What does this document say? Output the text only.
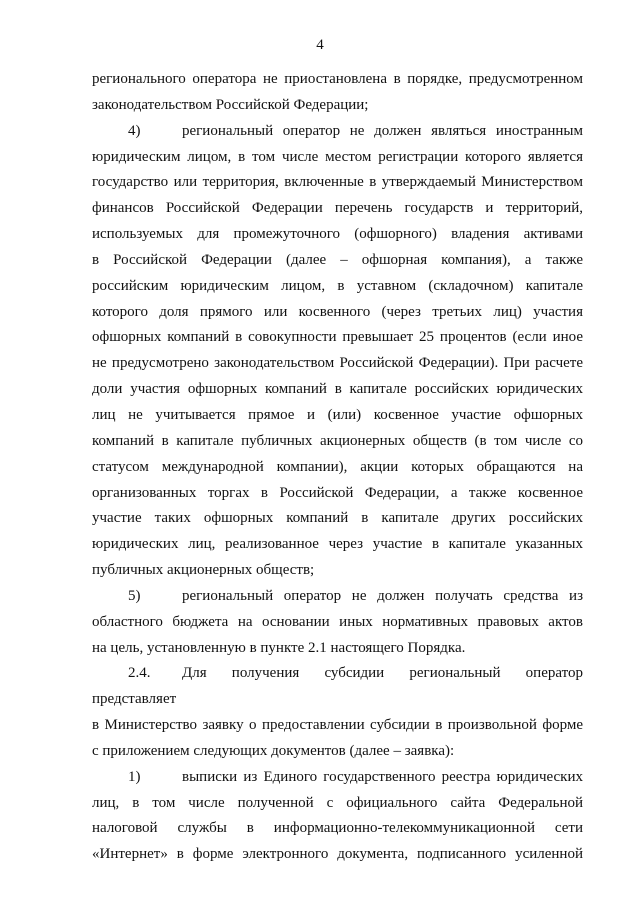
4
регионального оператора не приостановлена в порядке, предусмотренном
законодательством Российской Федерации;
4)	региональный оператор не должен являться иностранным
юридическим лицом, в том числе местом регистрации которого является
государство или территория, включенные в утверждаемый Министерством
финансов Российской Федерации перечень государств и территорий,
используемых для промежуточного (офшорного) владения активами
в Российской Федерации (далее – офшорная компания), а также
российским юридическим лицом, в уставном (складочном) капитале
которого доля прямого или косвенного (через третьих лиц) участия
офшорных компаний в совокупности превышает 25 процентов (если иное
не предусмотрено законодательством Российской Федерации). При расчете
доли участия офшорных компаний в капитале российских юридических
лиц не учитывается прямое и (или) косвенное участие офшорных
компаний в капитале публичных акционерных обществ (в том числе со
статусом международной компании), акции которых обращаются на
организованных торгах в Российской Федерации, а также косвенное
участие таких офшорных компаний в капитале других российских
юридических лиц, реализованное через участие в капитале указанных
публичных акционерных обществ;
5)	региональный оператор не должен получать средства из
областного бюджета на основании иных нормативных правовых актов
на цель, установленную в пункте 2.1 настоящего Порядка.
2.4. Для получения субсидии региональный оператор представляет
в Министерство заявку о предоставлении субсидии в произвольной форме
с приложением следующих документов (далее – заявка):
1)	выписки из Единого государственного реестра юридических
лиц, в том числе полученной с официального сайта Федеральной
налоговой службы в информационно-телекоммуникационной сети
«Интернет» в форме электронного документа, подписанного усиленной
